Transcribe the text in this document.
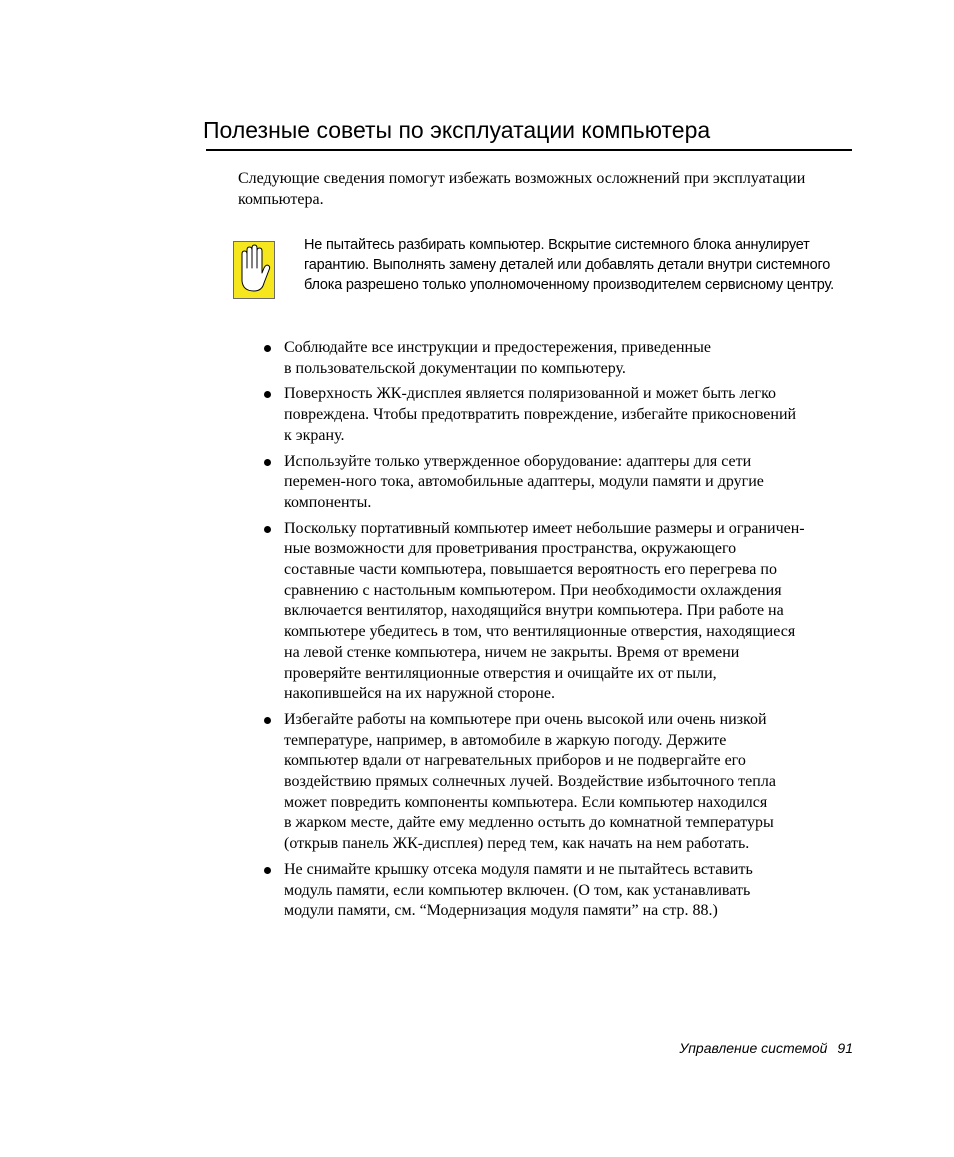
Полезные советы по эксплуатации компьютера

Следующие сведения помогут избежать возможных осложнений при эксплуатации компьютера.

Не пытайтесь разбирать компьютер. Вскрытие системного блока аннулирует гарантию. Выполнять замену деталей или добавлять детали внутри системного блока разрешено только уполномоченному производителем сервисному центру.

Соблюдайте все инструкции и предостережения, приведенные
в пользовательской документации по компьютеру.
Поверхность ЖК-дисплея является поляризованной и может быть легко
повреждена. Чтобы предотвратить повреждение, избегайте прикосновений
к экрану.
Используйте только утвержденное оборудование: адаптеры для сети
перемен-ного тока, автомобильные адаптеры, модули памяти и другие
компоненты.
Поскольку портативный компьютер имеет небольшие размеры и ограничен-
ные возможности для проветривания пространства, окружающего
составные части компьютера, повышается вероятность его перегрева по
сравнению с настольным компьютером. При необходимости охлаждения
включается вентилятор, находящийся внутри компьютера. При работе на
компьютере убедитесь в том, что вентиляционные отверстия, находящиеся
на левой стенке компьютера, ничем не закрыты. Время от времени
проверяйте вентиляционные отверстия и очищайте их от пыли,
накопившейся на их наружной стороне.
Избегайте работы на компьютере при очень высокой или очень низкой
температуре, например, в автомобиле в жаркую погоду. Держите
компьютер вдали от нагревательных приборов и не подвергайте его
воздействию прямых солнечных лучей. Воздействие избыточного тепла
может повредить компоненты компьютера. Если компьютер находился
в жарком месте, дайте ему медленно остыть до комнатной температуры
(открыв панель ЖК-дисплея) перед тем, как начать на нем работать.
Не снимайте крышку отсека модуля памяти и не пытайтесь вставить
модуль памяти, если компьютер включен. (О том, как устанавливать
модули памяти, см. “Модернизация модуля памяти” на стр. 88.)
Управление системой 91
